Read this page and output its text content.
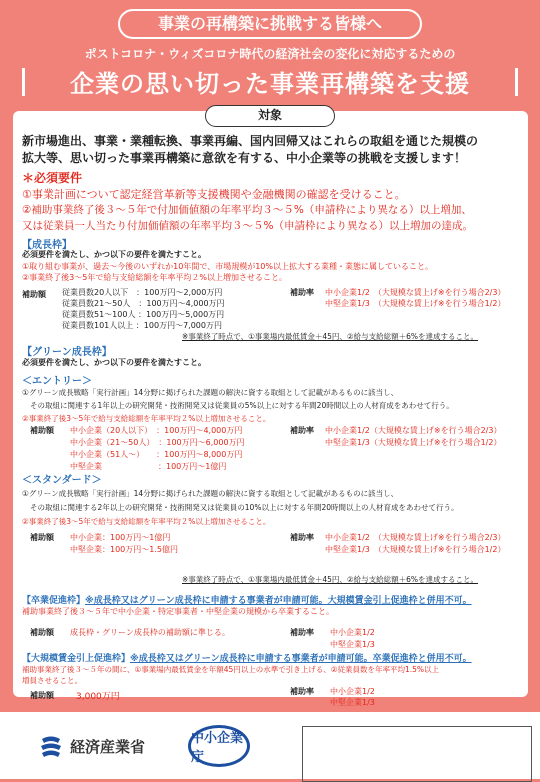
事業の再構築に挑戦する皆様へ
ポストコロナ・ウィズコロナ時代の経済社会の変化に対応するための
企業の思い切った事業再構築を支援
対象
新市場進出、事業・業種転換、事業再編、国内回帰又はこれらの取組を通じた規模の
拡大等、思い切った事業再構築に意欲を有する、中小企業等の挑戦を支援します！
＊必須要件
①事業計画について認定経営革新等支援機関や金融機関の確認を受けること。
②補助事業終了後３～５年で付加価値額の年率平均３～５%（申請枠により異なる）以上増加、
又は従業員一人当たり付加価値額の年率平均３～５%（申請枠により異なる）以上増加の達成。
【成長枠】
必須要件を満たし、かつ以下の要件を満たすこと。
①取り組む事業が、過去～今後のいずれか10年間で、市場規模が10%以上拡大する業種・業態に属していること。
②事業終了後3～5年で給与支給総額を年率平均２%以上増加させること。
補助額 従業員数20人以下　：100万円～2,000万円
従業員数21～50人　：100万円～4,000万円
従業員数51～100人 ：100万円～5,000万円
従業員数101人以上 ：100万円～7,000万円
補助率 中小企業1/2　（大規模な賃上げ※を行う場合2/3）
中堅企業1/3　（大規模な賃上げ※を行う場合1/2）
※事業終了時点で、①事業場内最低賃金＋45円、②給与支給総額＋6%を達成すること。
【グリーン成長枠】
必須要件を満たし、かつ以下の要件を満たすこと。
＜エントリー＞
①グリーン成長戦略「実行計画」14分野に掲げられた課題の解決に資する取組として記載があるものに該当し、
その取組に関連する1年以上の研究開発・技術開発又は従業員の5%以上に対する年間20時間以上の人材育成をあわせて行う。
②事業終了後3～5年で給与支給総額を年率平均２%以上増加させること。
補助額 中小企業（20人以下）　：100万円～4,000万円
中小企業（21～50人）　：100万円～6,000万円
中小企業（51人～）　　：100万円～8,000万円
中堅企業　　　　　　　：100万円～1億円
補助率 中小企業1/2（大規模な賃上げ※を行う場合2/3）
中堅企業1/3（大規模な賃上げ※を行う場合1/2）
＜スタンダード＞
①グリーン成長戦略「実行計画」14分野に掲げられた課題の解決に資する取組として記載があるものに該当し、
その取組に関連する2年以上の研究開発・技術開発又は従業員の10%以上に対する年間20時間以上の人材育成をあわせて行う。
②事業終了後3～5年で給与支給総額を年率平均２%以上増加させること。
補助額 中小企業：100万円～1億円
中堅企業：100万円～1.5億円
補助率 中小企業1/2　（大規模な賃上げ※を行う場合2/3）
中堅企業1/3　（大規模な賃上げ※を行う場合1/2）
※事業終了時点で、①事業場内最低賃金＋45円、②給与支給総額＋6%を達成すること。
【卒業促進枠】※成長枠又はグリーン成長枠に申請する事業者が申請可能。大規模賃金引上促進枠と併用不可。
補助事業終了後３～５年で中小企業・特定事業者・中堅企業の規模から卒業すること。
補助額 成長枠・グリーン成長枠の補助額に準じる。	補助率 中小企業1/2
中堅企業1/3
【大規模賃金引上促進枠】※成長枠又はグリーン成長枠に申請する事業者が申請可能。卒業促進枠と併用不可。
補助事業終了後３～５年の間に、①事業場内最低賃金を年額45円以上の水準で引き上げる、②従業員数を年率平均1.5%以上
増員させること。
補助額 3,000万円
補助率 中小企業1/2
中堅企業1/3
経済産業省	中小企業庁
